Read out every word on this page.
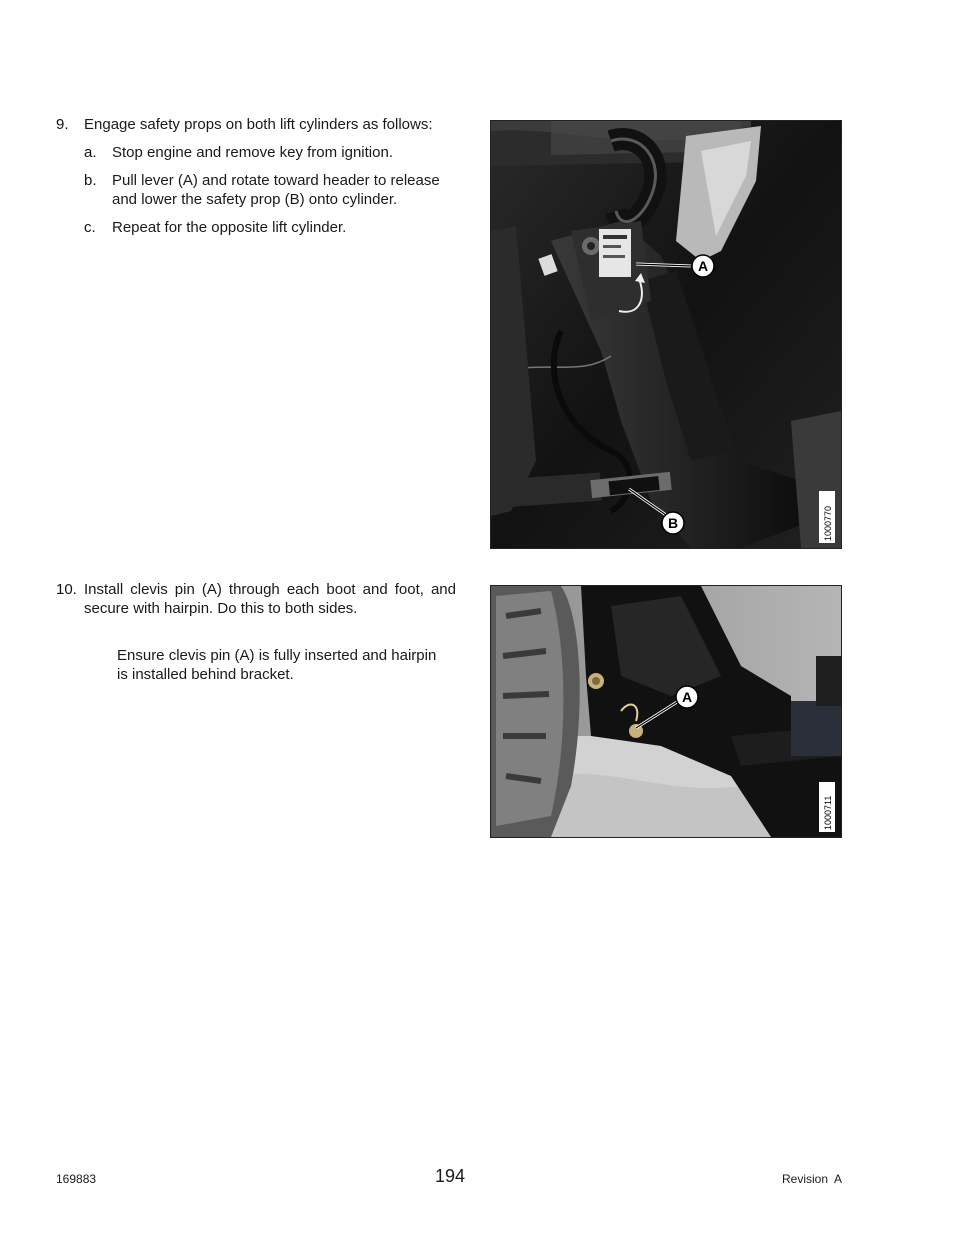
9. Engage safety props on both lift cylinders as follows:
a. Stop engine and remove key from ignition.
b. Pull lever (A) and rotate toward header to release
and lower the safety prop (B) onto cylinder.
c. Repeat for the opposite lift cylinder.
A
B	1000770
10. Install clevis pin (A) through each boot and foot, and
secure with hairpin. Do this to both sides.
Ensure clevis pin (A) is fully inserted and hairpin
is installed behind bracket.
A
1000711
169883	194	Revision  A
